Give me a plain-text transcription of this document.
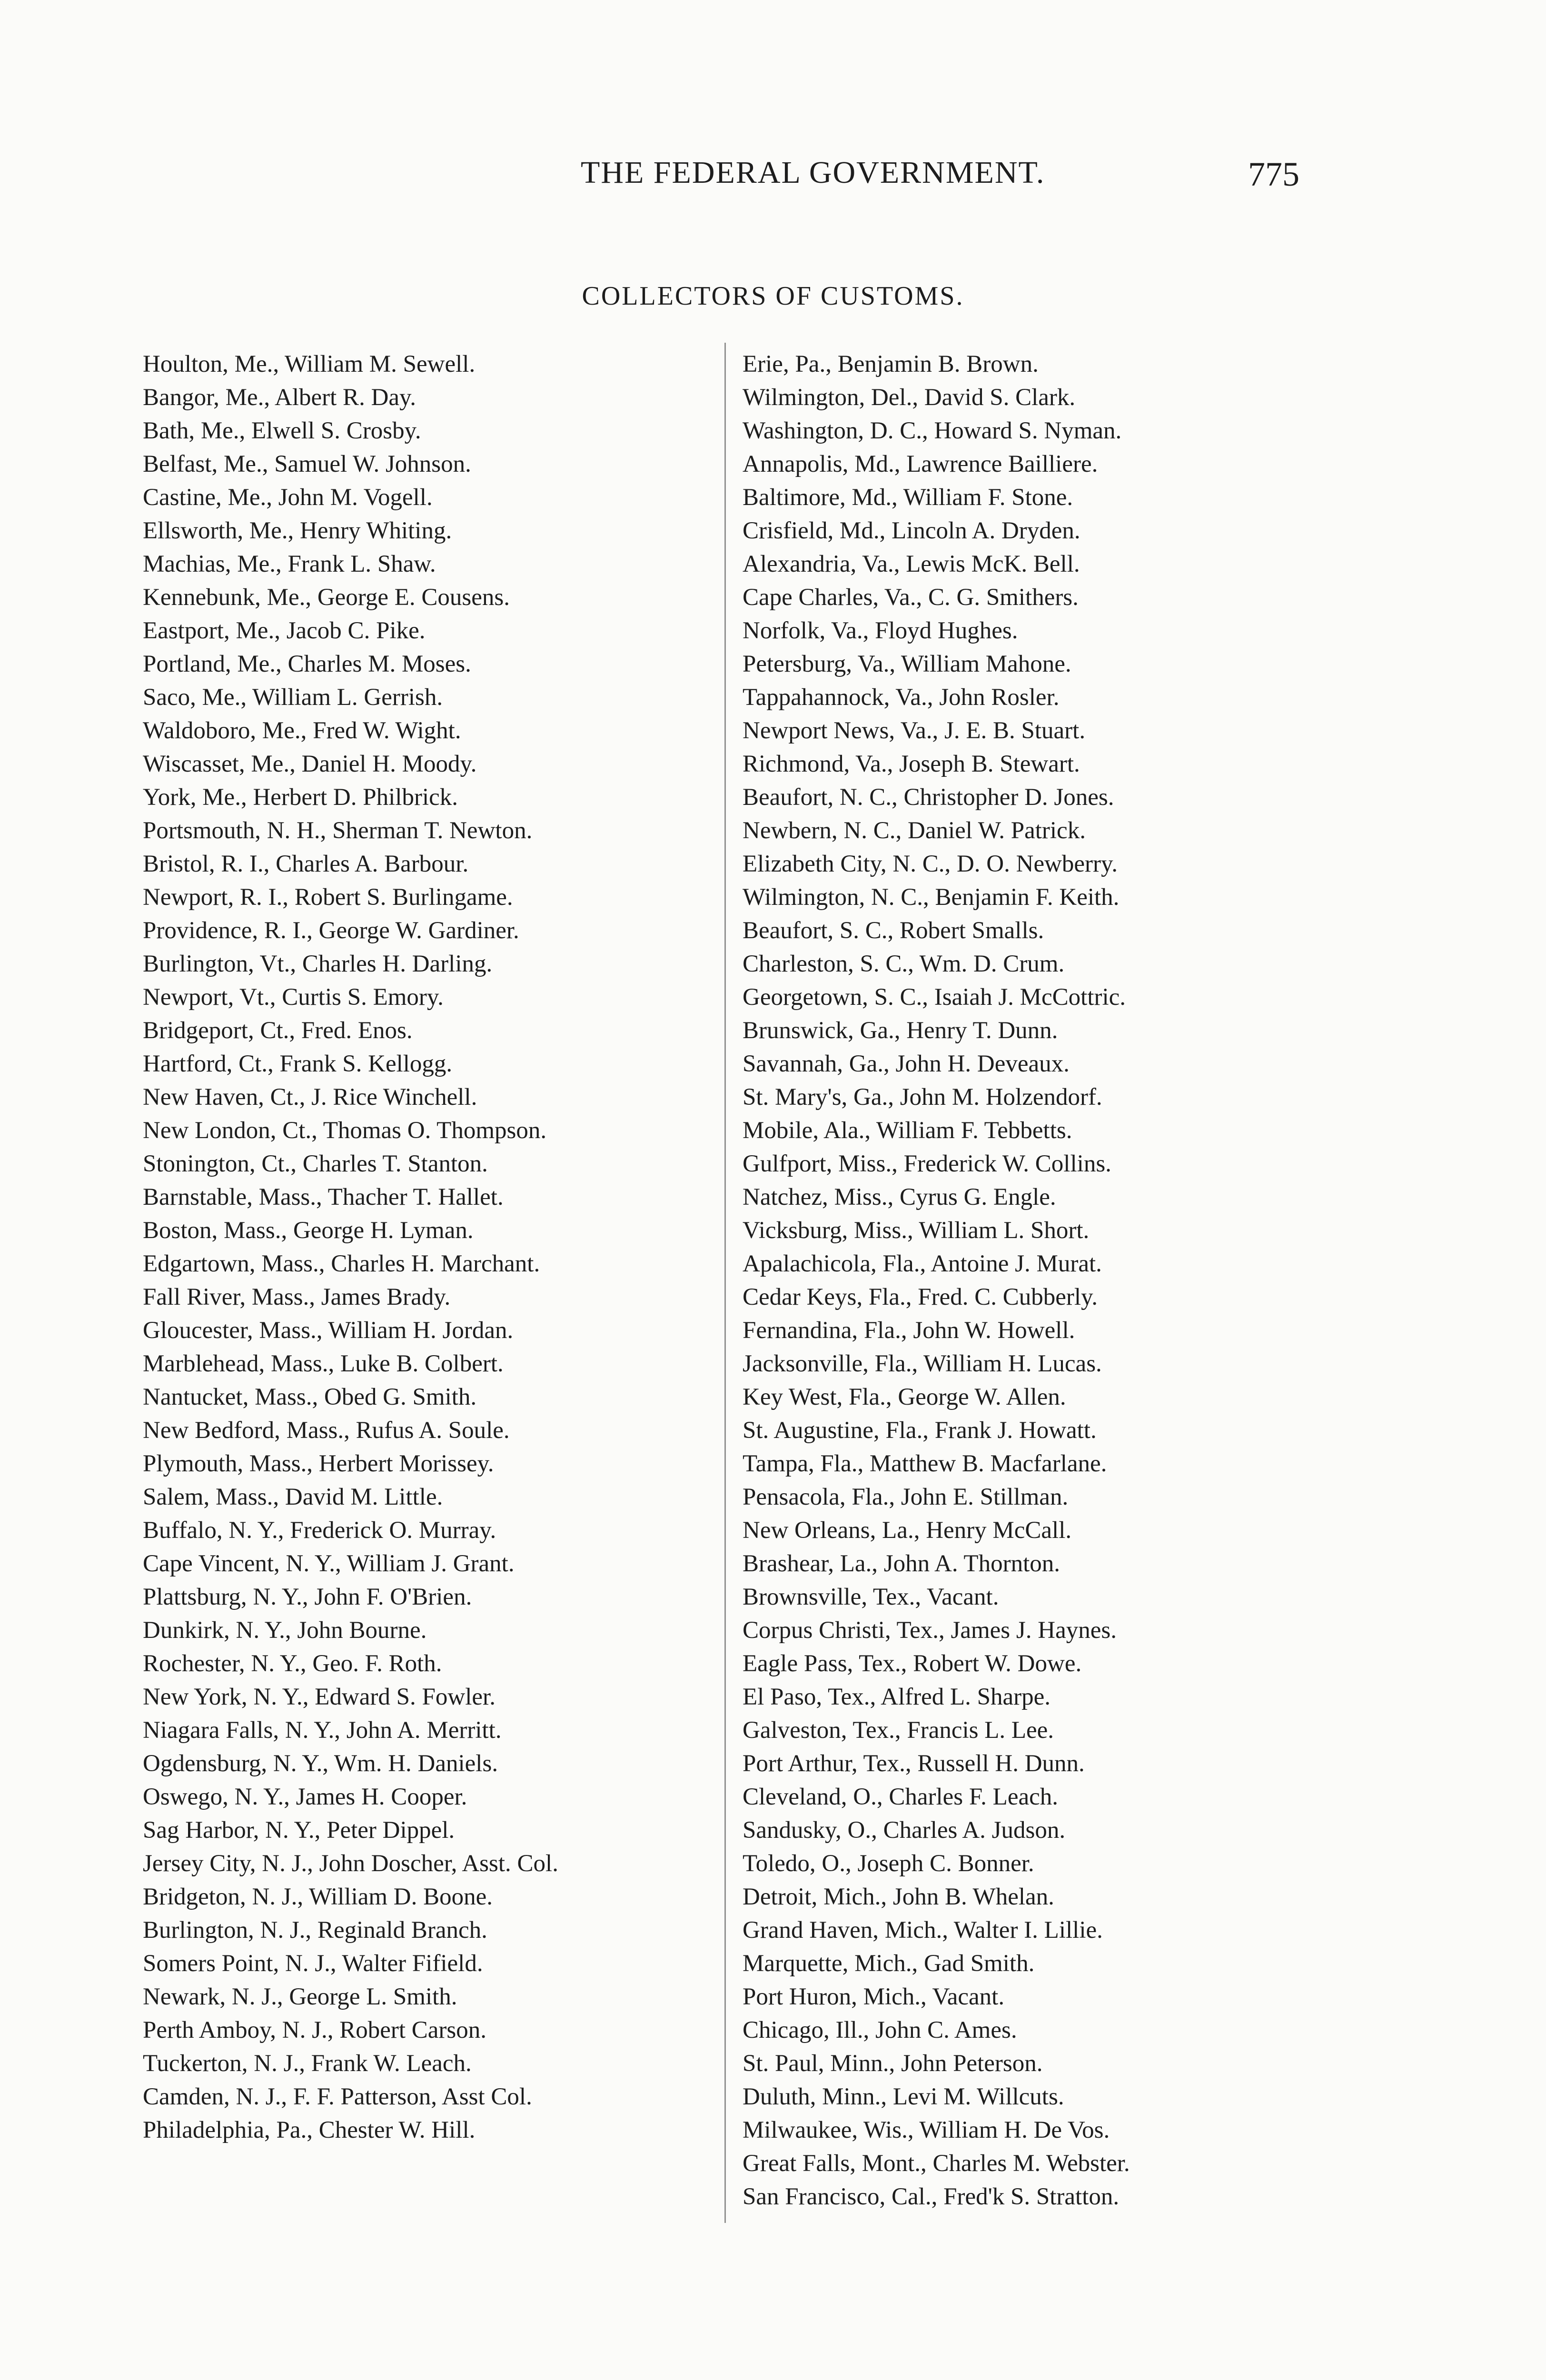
THE FEDERAL GOVERNMENT.	775
COLLECTORS OF CUSTOMS.
Houlton, Me., William M. Sewell.
Bangor, Me., Albert R. Day.
Bath, Me., Elwell S. Crosby.
Belfast, Me., Samuel W. Johnson.
Castine, Me., John M. Vogell.
Ellsworth, Me., Henry Whiting.
Machias, Me., Frank L. Shaw.
Kennebunk, Me., George E. Cousens.
Eastport, Me., Jacob C. Pike.
Portland, Me., Charles M. Moses.
Saco, Me., William L. Gerrish.
Waldoboro, Me., Fred W. Wight.
Wiscasset, Me., Daniel H. Moody.
York, Me., Herbert D. Philbrick.
Portsmouth, N. H., Sherman T. Newton.
Bristol, R. I., Charles A. Barbour.
Newport, R. I., Robert S. Burlingame.
Providence, R. I., George W. Gardiner.
Burlington, Vt., Charles H. Darling.
Newport, Vt., Curtis S. Emory.
Bridgeport, Ct., Fred. Enos.
Hartford, Ct., Frank S. Kellogg.
New Haven, Ct., J. Rice Winchell.
New London, Ct., Thomas O. Thompson.
Stonington, Ct., Charles T. Stanton.
Barnstable, Mass., Thacher T. Hallet.
Boston, Mass., George H. Lyman.
Edgartown, Mass., Charles H. Marchant.
Fall River, Mass., James Brady.
Gloucester, Mass., William H. Jordan.
Marblehead, Mass., Luke B. Colbert.
Nantucket, Mass., Obed G. Smith.
New Bedford, Mass., Rufus A. Soule.
Plymouth, Mass., Herbert Morissey.
Salem, Mass., David M. Little.
Buffalo, N. Y., Frederick O. Murray.
Cape Vincent, N. Y., William J. Grant.
Plattsburg, N. Y., John F. O'Brien.
Dunkirk, N. Y., John Bourne.
Rochester, N. Y., Geo. F. Roth.
New York, N. Y., Edward S. Fowler.
Niagara Falls, N. Y., John A. Merritt.
Ogdensburg, N. Y., Wm. H. Daniels.
Oswego, N. Y., James H. Cooper.
Sag Harbor, N. Y., Peter Dippel.
Jersey City, N. J., John Doscher, Asst. Col.
Bridgeton, N. J., William D. Boone.
Burlington, N. J., Reginald Branch.
Somers Point, N. J., Walter Fifield.
Newark, N. J., George L. Smith.
Perth Amboy, N. J., Robert Carson.
Tuckerton, N. J., Frank W. Leach.
Camden, N. J., F. F. Patterson, Asst Col.
Philadelphia, Pa., Chester W. Hill.
Erie, Pa., Benjamin B. Brown.
Wilmington, Del., David S. Clark.
Washington, D. C., Howard S. Nyman.
Annapolis, Md., Lawrence Bailliere.
Baltimore, Md., William F. Stone.
Crisfield, Md., Lincoln A. Dryden.
Alexandria, Va., Lewis McK. Bell.
Cape Charles, Va., C. G. Smithers.
Norfolk, Va., Floyd Hughes.
Petersburg, Va., William Mahone.
Tappahannock, Va., John Rosler.
Newport News, Va., J. E. B. Stuart.
Richmond, Va., Joseph B. Stewart.
Beaufort, N. C., Christopher D. Jones.
Newbern, N. C., Daniel W. Patrick.
Elizabeth City, N. C., D. O. Newberry.
Wilmington, N. C., Benjamin F. Keith.
Beaufort, S. C., Robert Smalls.
Charleston, S. C., Wm. D. Crum.
Georgetown, S. C., Isaiah J. McCottric.
Brunswick, Ga., Henry T. Dunn.
Savannah, Ga., John H. Deveaux.
St. Mary's, Ga., John M. Holzendorf.
Mobile, Ala., William F. Tebbetts.
Gulfport, Miss., Frederick W. Collins.
Natchez, Miss., Cyrus G. Engle.
Vicksburg, Miss., William L. Short.
Apalachicola, Fla., Antoine J. Murat.
Cedar Keys, Fla., Fred. C. Cubberly.
Fernandina, Fla., John W. Howell.
Jacksonville, Fla., William H. Lucas.
Key West, Fla., George W. Allen.
St. Augustine, Fla., Frank J. Howatt.
Tampa, Fla., Matthew B. Macfarlane.
Pensacola, Fla., John E. Stillman.
New Orleans, La., Henry McCall.
Brashear, La., John A. Thornton.
Brownsville, Tex., Vacant.
Corpus Christi, Tex., James J. Haynes.
Eagle Pass, Tex., Robert W. Dowe.
El Paso, Tex., Alfred L. Sharpe.
Galveston, Tex., Francis L. Lee.
Port Arthur, Tex., Russell H. Dunn.
Cleveland, O., Charles F. Leach.
Sandusky, O., Charles A. Judson.
Toledo, O., Joseph C. Bonner.
Detroit, Mich., John B. Whelan.
Grand Haven, Mich., Walter I. Lillie.
Marquette, Mich., Gad Smith.
Port Huron, Mich., Vacant.
Chicago, Ill., John C. Ames.
St. Paul, Minn., John Peterson.
Duluth, Minn., Levi M. Willcuts.
Milwaukee, Wis., William H. De Vos.
Great Falls, Mont., Charles M. Webster.
San Francisco, Cal., Fred'k S. Stratton.
